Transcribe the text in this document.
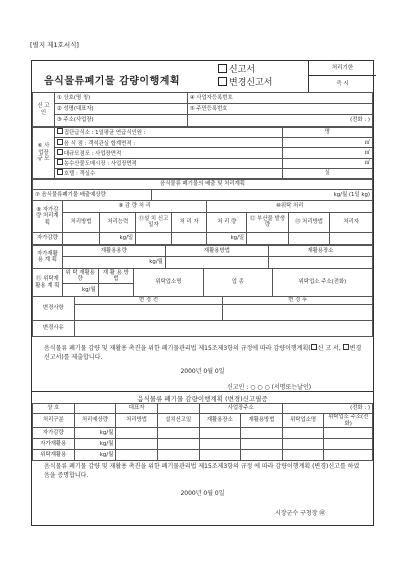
[별지 제1호서식]
음식물류폐기물 감량이행계획
신고서
변경신고서
처리기한
즉 시
신 고 인	① 상호(명 칭)	④ 사업자등록번호
	② 성명(대표자)	⑤ 주민등록번호
	③ 주소(사업장)	(전화 : )
⑥ 사업장 규 모	집단급식소 : 1일평균 연급식인원 :	명
	음 식 점 : 객석관실 합계면적 :	㎡
	대규모점포 : 사업장면적	㎡
	농수산물도매시장 : 사업장면적	㎡
	호텔 : 객실수	실
음식물류 폐기물의 배출 및 처리계획
⑦ 음식물류폐기물 배출예상량	kg/월 (1일 kg)
⑧ 자가감량 처리계획	⑨ 감 량 처 리				⑩위탁 처리			
	처리방법	처리능력	⑪설 치 신고일자	처 리 자	처 리 량	⑫ 부산물 발생량	⑬ 처리방법	처리자
자가감량		kg/일			kg/일			
자가재활용 계 획	재활용용량	재활용방법	재활용장소
	kg/월		
⑮ 위탁재활용 계 획	위 탁 재활용량	재 활 용 방 법	위탁업소명	업 종	위탁업소 주소(전화)
	kg/월				
변경사항	변 경 전	변 경 후

변경사유		
음식물류 폐기물 감량 및 재활용 촉진을 위한 폐기물관리법 제15조제3항의 규정에 따라 감량이행계획( 신 고 서, 변경신고서)를 제출합니다.
2000년 0월 0일
신고인 : ○ ○ ○ (서명또는날인)
음식물류 폐기물 감량이행계획 (변경)신고필증
상 호		대표자		사업장주소		(전화 : )	
처리구분	처리예상량	처리방법	설치신고일	재활용장소	재활용방법	위탁업소명	위탁업소 주소(전화)
자가감량	kg/월						
자가재활용	kg/월						
위탁재활용	kg/월						
음식물류 폐기물 감량 및 재활용 촉진을 위한 폐기물관리법 제15조제3항의 규정 에 따라 감량이행계획 (변경)신고를 하였음을 증명합니다.
2000년 0월 0일
시장군수 구청장 ㊞
